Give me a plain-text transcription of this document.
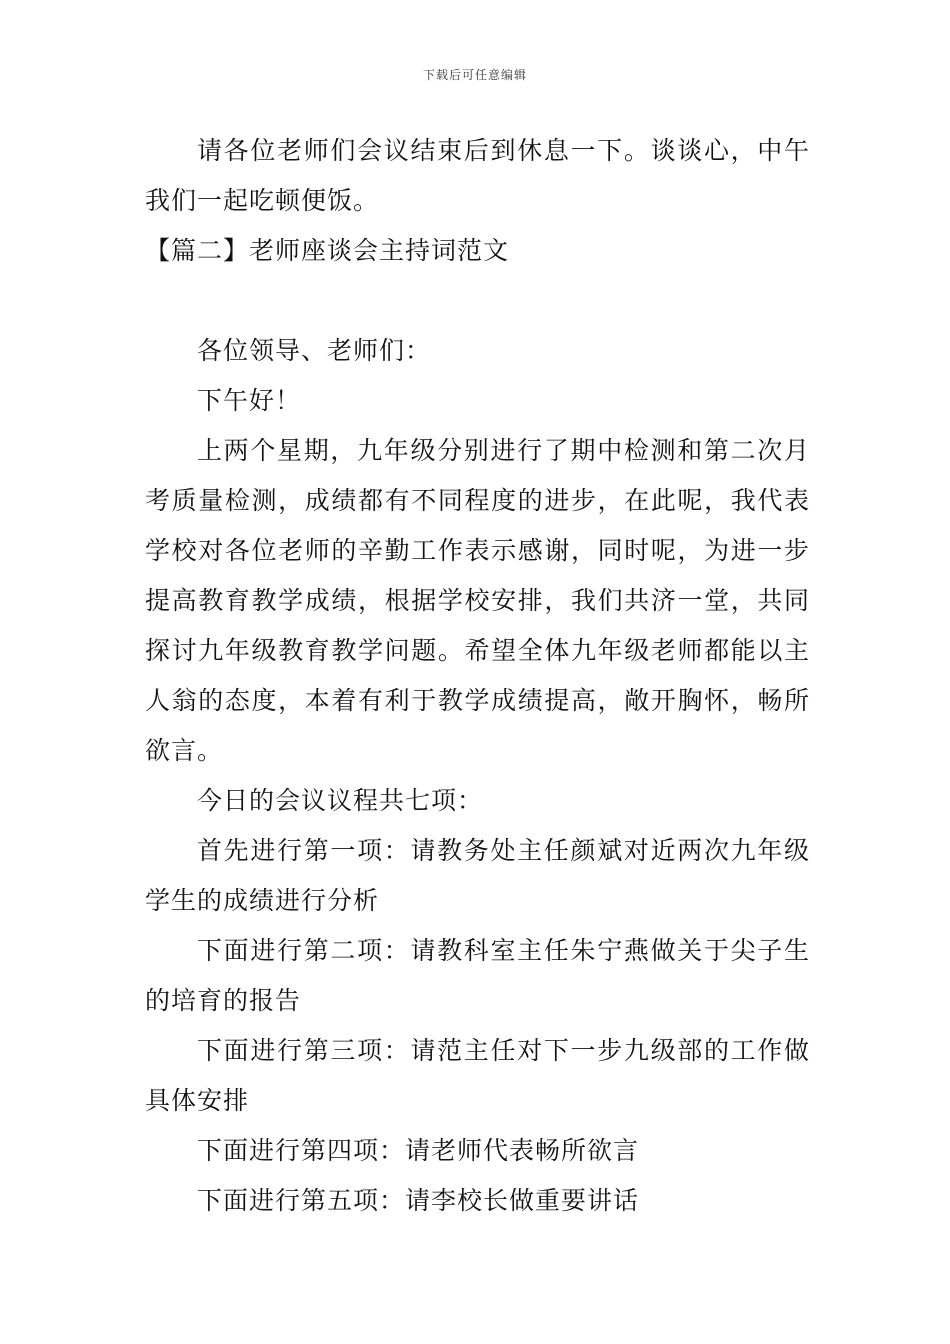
下载后可任意编辑

请各位老师们会议结束后到休息一下。谈谈心，中午我们一起吃顿便饭。

【篇二】老师座谈会主持词范文

各位领导、老师们：

下午好！

上两个星期，九年级分别进行了期中检测和第二次月考质量检测，成绩都有不同程度的进步，在此呢，我代表学校对各位老师的辛勤工作表示感谢，同时呢，为进一步提高教育教学成绩，根据学校安排，我们共济一堂，共同探讨九年级教育教学问题。希望全体九年级老师都能以主人翁的态度，本着有利于教学成绩提高，敞开胸怀，畅所欲言。

今日的会议议程共七项：

首先进行第一项：请教务处主任颜斌对近两次九年级学生的成绩进行分析

下面进行第二项：请教科室主任朱宁燕做关于尖子生的培育的报告

下面进行第三项：请范主任对下一步九级部的工作做具体安排

下面进行第四项：请老师代表畅所欲言

下面进行第五项：请李校长做重要讲话
